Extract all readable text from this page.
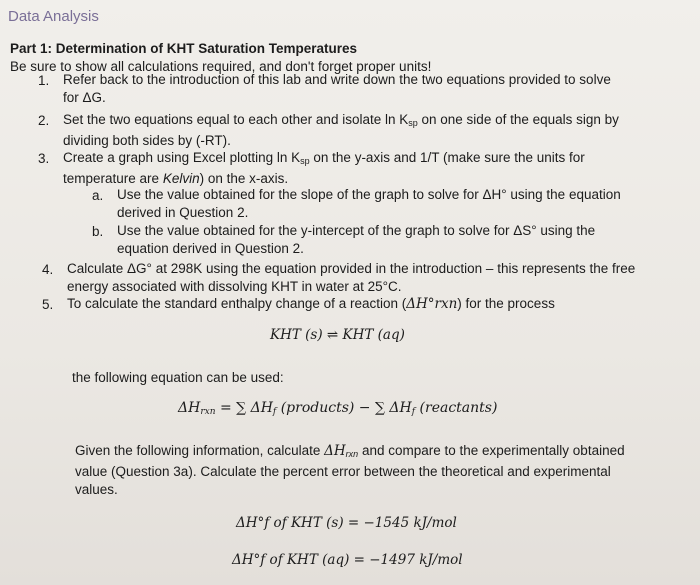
Data Analysis
Part 1: Determination of KHT Saturation Temperatures
Be sure to show all calculations required, and don't forget proper units!
1. Refer back to the introduction of this lab and write down the two equations provided to solve
for ΔG.
2. Set the two equations equal to each other and isolate ln Ksp on one side of the equals sign by
dividing both sides by (-RT).
3. Create a graph using Excel plotting ln Ksp on the y-axis and 1/T (make sure the units for
temperature are Kelvin) on the x-axis.
a. Use the value obtained for the slope of the graph to solve for ΔH° using the equation
derived in Question 2.
b. Use the value obtained for the y-intercept of the graph to solve for ΔS° using the
equation derived in Question 2.
4. Calculate ΔG° at 298K using the equation provided in the introduction – this represents the free
energy associated with dissolving KHT in water at 25°C.
5. To calculate the standard enthalpy change of a reaction (ΔH°rxn) for the process
KHT (s) ⇌ KHT (aq)
the following equation can be used:
ΔHrxn = ∑ ΔHf (products) − ∑ ΔHf (reactants)
Given the following information, calculate ΔHrxn and compare to the experimentally obtained
value (Question 3a). Calculate the percent error between the theoretical and experimental
values.
ΔH°f of KHT (s) = −1545 kJ/mol
ΔH°f of KHT (aq) = −1497 kJ/mol
